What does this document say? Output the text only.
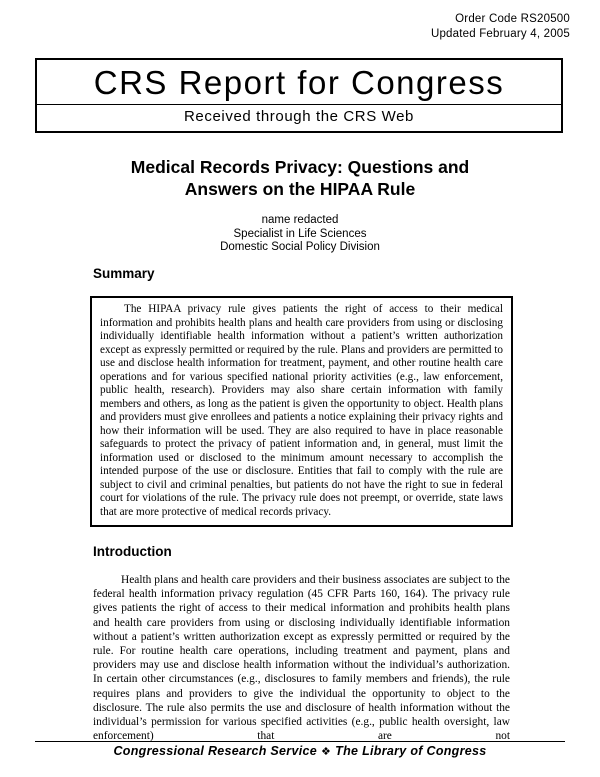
Order Code RS20500
Updated February 4, 2005
CRS Report for Congress
Received through the CRS Web
Medical Records Privacy: Questions and
Answers on the HIPAA Rule
name redacted
Specialist in Life Sciences
Domestic Social Policy Division
Summary

The HIPAA privacy rule gives patients the right of access to their medical information and prohibits health plans and health care providers from using or disclosing individually identifiable health information without a patient’s written authorization except as expressly permitted or required by the rule. Plans and providers are permitted to use and disclose health information for treatment, payment, and other routine health care operations and for various specified national priority activities (e.g., law enforcement, public health, research). Providers may also share certain information with family members and others, as long as the patient is given the opportunity to object. Health plans and providers must give enrollees and patients a notice explaining their privacy rights and how their information will be used. They are also required to have in place reasonable safeguards to protect the privacy of patient information and, in general, must limit the information used or disclosed to the minimum amount necessary to accomplish the intended purpose of the use or disclosure. Entities that fail to comply with the rule are subject to civil and criminal penalties, but patients do not have the right to sue in federal court for violations of the rule. The privacy rule does not preempt, or override, state laws that are more protective of medical records privacy.

Introduction

Health plans and health care providers and their business associates are subject to the federal health information privacy regulation (45 CFR Parts 160, 164). The privacy rule gives patients the right of access to their medical information and prohibits health plans and health care providers from using or disclosing individually identifiable information without a patient’s written authorization except as expressly permitted or required by the rule. For routine health care operations, including treatment and payment, plans and providers may use and disclose health information without the individual’s authorization. In certain other circumstances (e.g., disclosures to family members and friends), the rule requires plans and providers to give the individual the opportunity to object to the disclosure. The rule also permits the use and disclosure of health information without the individual’s permission for various specified activities (e.g., public health oversight, law enforcement) that are not

Congressional Research Service ❖ The Library of Congress
